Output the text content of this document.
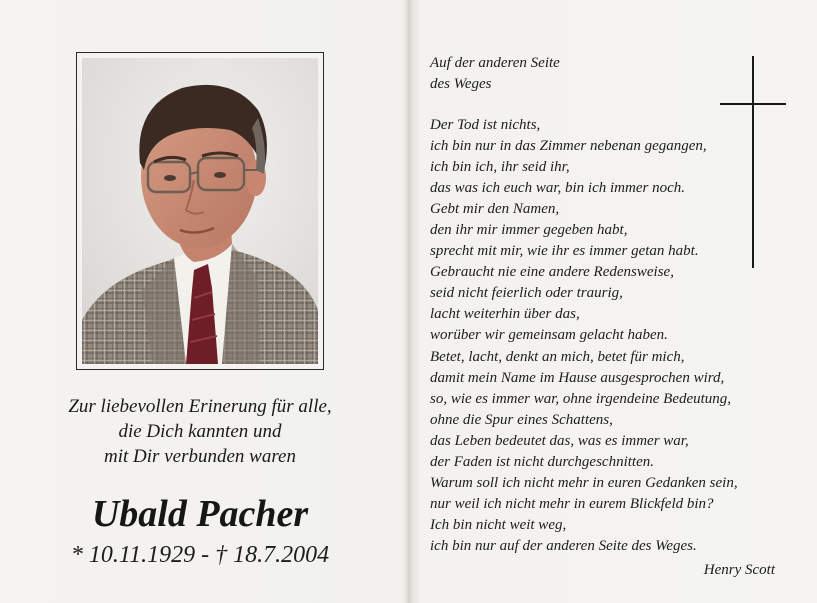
Zur liebevollen Erinerung für alle,
die Dich kannten und
mit Dir verbunden waren
Ubald Pacher
* 10.11.1929 - † 18.7.2004
Auf der anderen Seite
des Weges
Der Tod ist nichts,
ich bin nur in das Zimmer nebenan gegangen,
ich bin ich, ihr seid ihr,
das was ich euch war, bin ich immer noch.
Gebt mir den Namen,
den ihr mir immer gegeben habt,
sprecht mit mir, wie ihr es immer getan habt.
Gebraucht nie eine andere Redensweise,
seid nicht feierlich oder traurig,
lacht weiterhin über das,
worüber wir gemeinsam gelacht haben.
Betet, lacht, denkt an mich, betet für mich,
damit mein Name im Hause ausgesprochen wird,
so, wie es immer war, ohne irgendeine Bedeutung,
ohne die Spur eines Schattens,
das Leben bedeutet das, was es immer war,
der Faden ist nicht durchgeschnitten.
Warum soll ich nicht mehr in euren Gedanken sein,
nur weil ich nicht mehr in eurem Blickfeld bin?
Ich bin nicht weit weg,
ich bin nur auf der anderen Seite des Weges.
Henry Scott
